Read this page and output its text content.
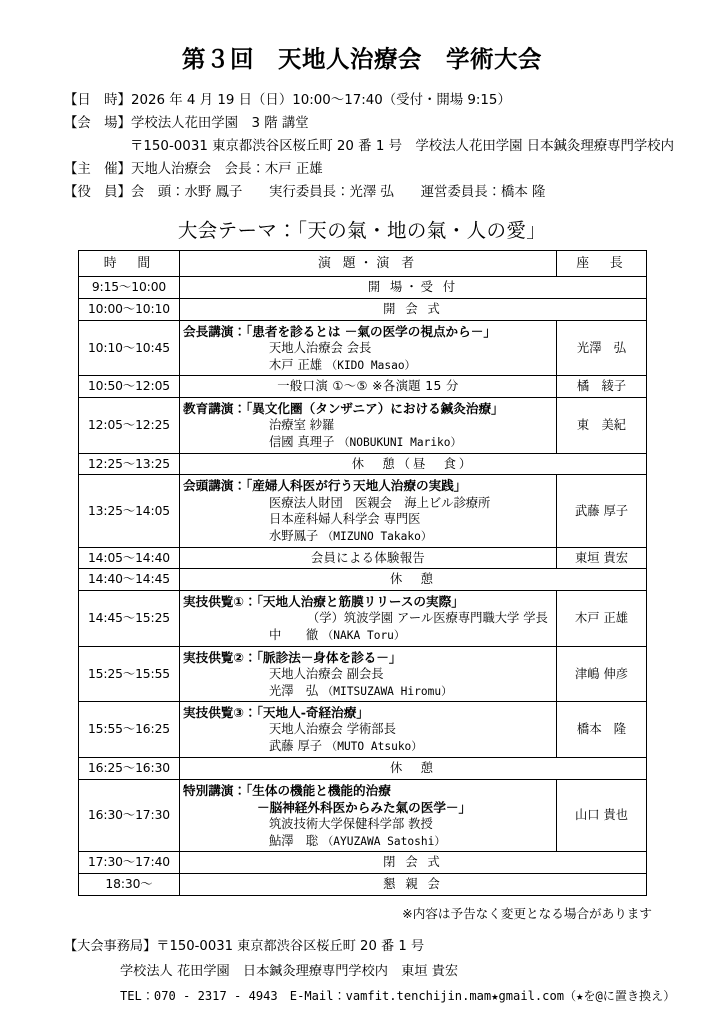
第３回　天地人治療会　学術大会
【日　時】2026 年 4 月 19 日（日）10:00〜17:40（受付・開場 9:15）
【会　場】学校法人花田学園　3 階 講堂
〒150-0031 東京都渋谷区桜丘町 20 番 1 号　学校法人花田学園 日本鍼灸理療専門学校内
【主　催】天地人治療会　会長：木戸 正雄
【役　員】会　頭：水野 鳳子　　実行委員長：光澤 弘　　運営委員長：橋本 隆
大会テーマ：「天の氣・地の氣・人の愛」
時　間	演 題・演 者	座　長
9:15〜10:00	開 場・受 付	
10:00〜10:10	開 会 式	
10:10〜10:45	会長講演：「患者を診るとは －氣の医学の視点から－」
天地人治療会 会長
木戸 正雄 （KIDO Masao）	光澤　弘
10:50〜12:05	一般口演 ①〜⑤ ※各演題 15 分	橘　綾子
12:05〜12:25	教育講演：「異文化圏（タンザニア）における鍼灸治療」
治療室 紗羅
信國 真理子 （NOBUKUNI Mariko）	東　美紀
12:25〜13:25	休　憩（昼　食）	
13:25〜14:05	会頭講演：「産婦人科医が行う天地人治療の実践」
医療法人財団　医親会　海上ビル診療所
日本産科婦人科学会 専門医
水野鳳子 （MIZUNO Takako）	武藤 厚子
14:05〜14:40	会員による体験報告	東垣 貴宏
14:40〜14:45	休　憩	
14:45〜15:25	実技供覧①：「天地人治療と筋膜リリースの実際」
（学）筑波学園 アール医療専門職大学 学長
中　　徹 （NAKA Toru）	木戸 正雄
15:25〜15:55	実技供覧②：「脈診法－身体を診る－」
天地人治療会 副会長
光澤　弘 （MITSUZAWA Hiromu）	津嶋 伸彦
15:55〜16:25	実技供覧③：「天地人-奇経治療」
天地人治療会 学術部長
武藤 厚子 （MUTO Atsuko）	橋本　隆
16:25〜16:30	休　憩	
16:30〜17:30	特別講演：「生体の機能と機能的治療
－脳神経外科医からみた氣の医学－」
筑波技術大学保健科学部 教授
鮎澤　聡 （AYUZAWA Satoshi）	山口 貴也
17:30〜17:40	閉 会 式	
18:30〜	懇 親 会	
※内容は予告なく変更となる場合があります
【大会事務局】〒150-0031 東京都渋谷区桜丘町 20 番 1 号
学校法人 花田学園　日本鍼灸理療専門学校内　東垣 貴宏
TEL：070 - 2317 - 4943　E-Mail：vamfit.tenchijin.mam★gmail.com（★を@に置き換え）
